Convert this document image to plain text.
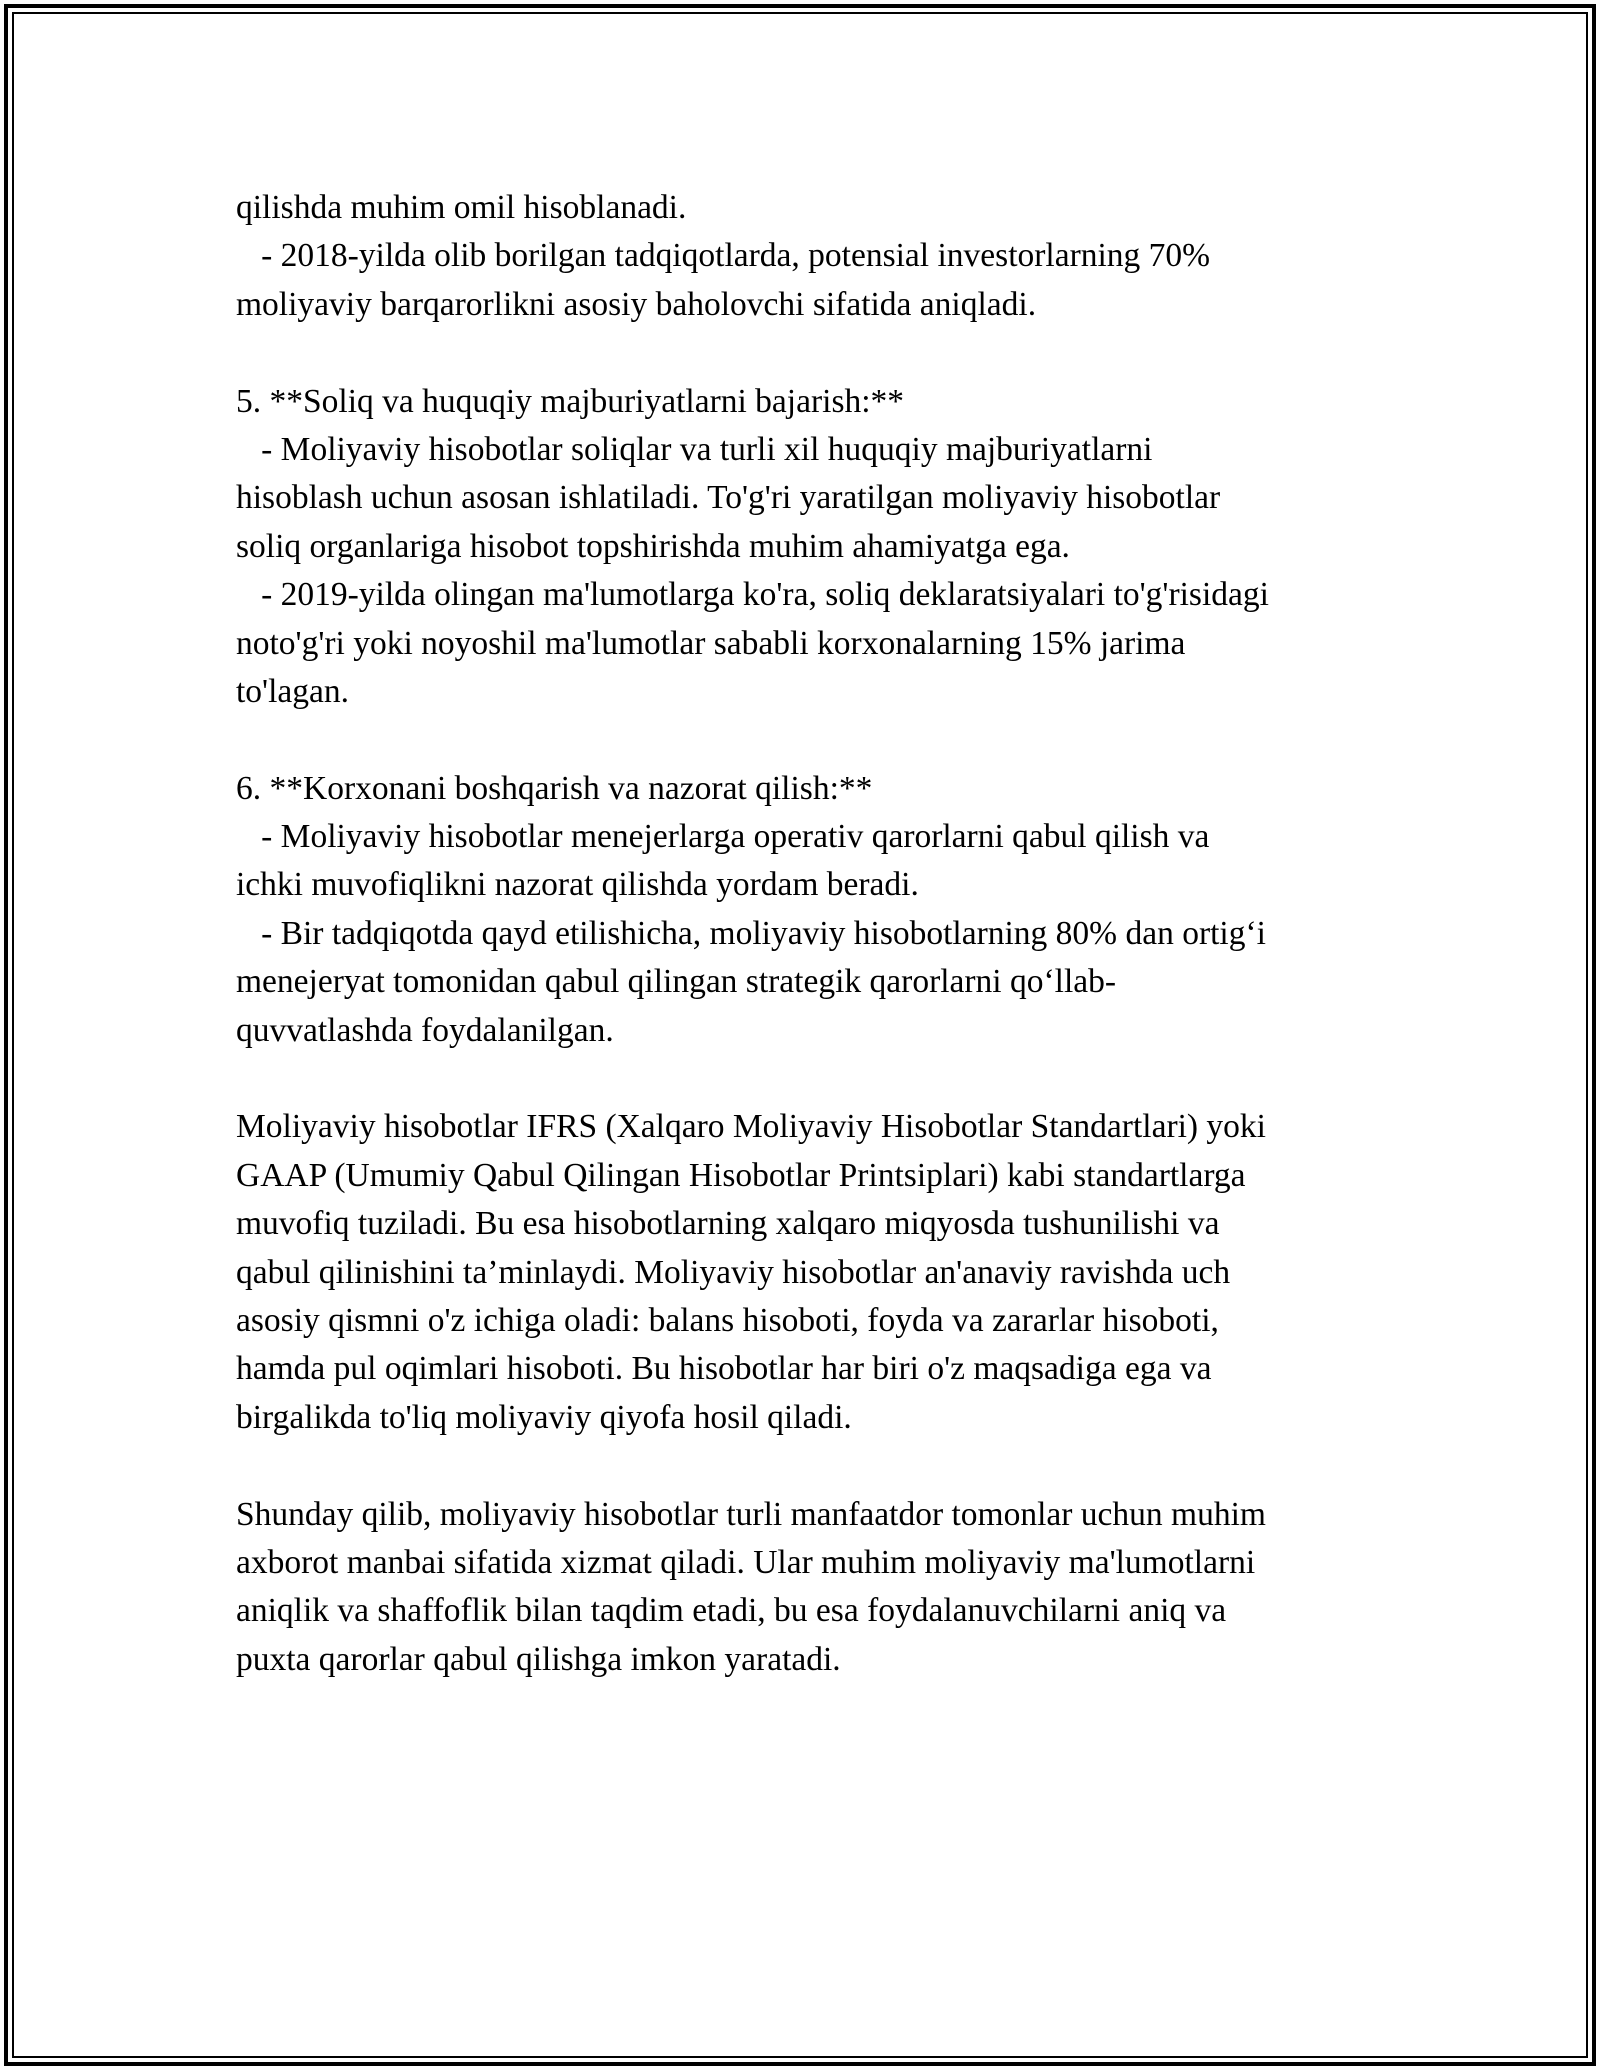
qilishda muhim omil hisoblanadi.
- 2018-yilda olib borilgan tadqiqotlarda, potensial investorlarning 70%
moliyaviy barqarorlikni asosiy baholovchi sifatida aniqladi.
5. **Soliq va huquqiy majburiyatlarni bajarish:**
- Moliyaviy hisobotlar soliqlar va turli xil huquqiy majburiyatlarni
hisoblash uchun asosan ishlatiladi. To'g'ri yaratilgan moliyaviy hisobotlar
soliq organlariga hisobot topshirishda muhim ahamiyatga ega.
- 2019-yilda olingan ma'lumotlarga ko'ra, soliq deklaratsiyalari to'g'risidagi
noto'g'ri yoki noyoshil ma'lumotlar sababli korxonalarning 15% jarima
to'lagan.
6. **Korxonani boshqarish va nazorat qilish:**
- Moliyaviy hisobotlar menejerlarga operativ qarorlarni qabul qilish va
ichki muvofiqlikni nazorat qilishda yordam beradi.
- Bir tadqiqotda qayd etilishicha, moliyaviy hisobotlarning 80% dan ortig‘i
menejeryat tomonidan qabul qilingan strategik qarorlarni qo‘llab-
quvvatlashda foydalanilgan.
Moliyaviy hisobotlar IFRS (Xalqaro Moliyaviy Hisobotlar Standartlari) yoki
GAAP (Umumiy Qabul Qilingan Hisobotlar Printsiplari) kabi standartlarga
muvofiq tuziladi. Bu esa hisobotlarning xalqaro miqyosda tushunilishi va
qabul qilinishini ta’minlaydi. Moliyaviy hisobotlar an'anaviy ravishda uch
asosiy qismni o'z ichiga oladi: balans hisoboti, foyda va zararlar hisoboti,
hamda pul oqimlari hisoboti. Bu hisobotlar har biri o'z maqsadiga ega va
birgalikda to'liq moliyaviy qiyofa hosil qiladi.
Shunday qilib, moliyaviy hisobotlar turli manfaatdor tomonlar uchun muhim
axborot manbai sifatida xizmat qiladi. Ular muhim moliyaviy ma'lumotlarni
aniqlik va shaffoflik bilan taqdim etadi, bu esa foydalanuvchilarni aniq va
puxta qarorlar qabul qilishga imkon yaratadi.
